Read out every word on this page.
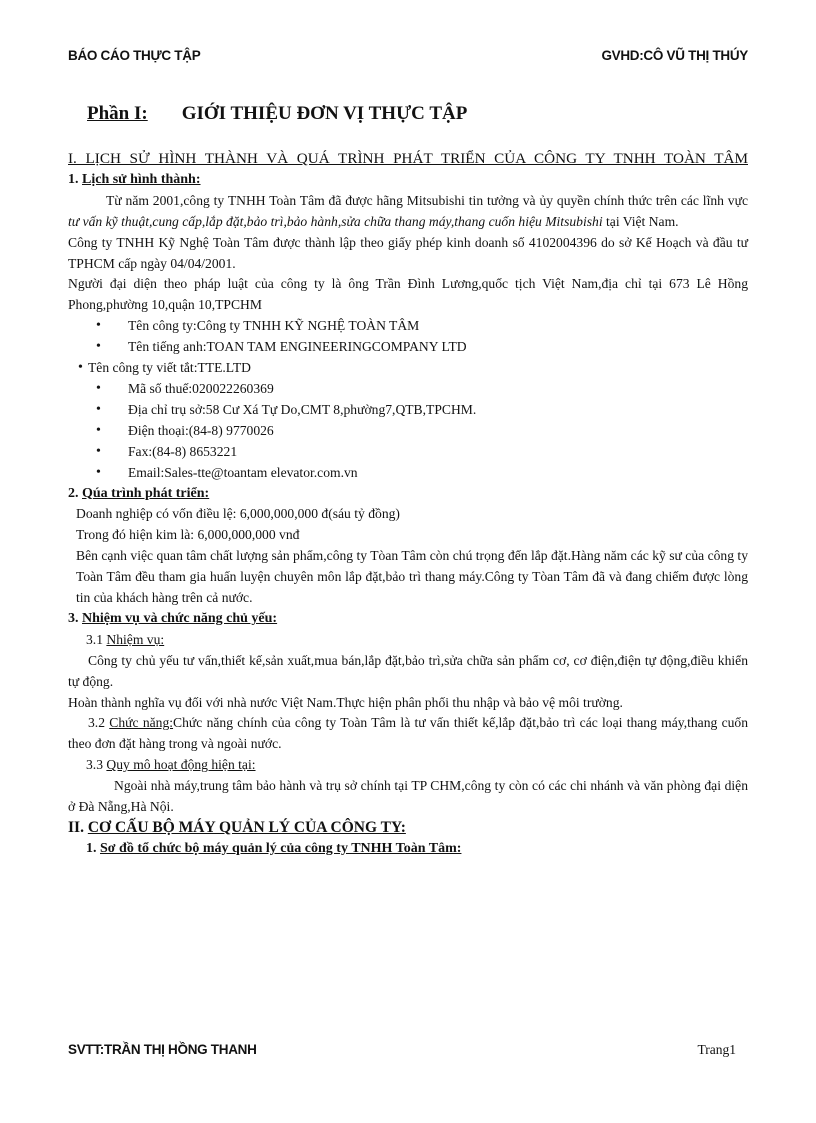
BÁO CÁO THỰC TẬP	GVHD:CÔ VŨ THỊ THÚY
Phần I: GIỚI THIỆU ĐƠN VỊ THỰC TẬP
I. LỊCH SỬ HÌNH THÀNH VÀ QUÁ TRÌNH PHÁT TRIỂN CỦA CÔNG TY TNHH TOÀN TÂM
1. Lịch sử hình thành:

Từ năm 2001,công ty TNHH Toàn Tâm đã được hãng Mitsubishi tin tưởng và ủy quyền chính thức trên các lĩnh vực tư vấn kỹ thuật,cung cấp,lắp đặt,bảo trì,bảo hành,sửa chữa thang máy,thang cuốn hiệu Mitsubishi tại Việt Nam.

Công ty TNHH Kỹ Nghệ Toàn Tâm được thành lập theo giấy phép kinh doanh số 4102004396 do sở Kế Hoạch và đầu tư TPHCM cấp ngày 04/04/2001.

Người đại diện theo pháp luật của công ty là ông Trần Đình Lương,quốc tịch Việt Nam,địa chỉ tại 673 Lê Hồng Phong,phường 10,quận 10,TPCHM

• Tên công ty:Công ty TNHH KỸ NGHỆ TOÀN TÂM
• Tên tiếng anh:TOAN TAM ENGINEERINGCOMPANY LTD
• Tên công ty viết tắt:TTE.LTD
• Mã số thuế:020022260369
• Địa chỉ trụ sở:58 Cư Xá Tự Do,CMT 8,phường7,QTB,TPCHM.
• Điện thoại:(84-8) 9770026
• Fax:(84-8) 8653221
• Email:Sales-tte@toantam elevator.com.vn
2. Qúa trình phát triển:

Doanh nghiệp có vốn điều lệ: 6,000,000,000 đ(sáu tỷ đồng)

Trong đó hiện kim là: 6,000,000,000 vnđ

Bên cạnh việc quan tâm chất lượng sản phẩm,công ty Tòan Tâm còn chú trọng đến lắp đặt.Hàng năm các kỹ sư của công ty Toàn Tâm đều tham gia huấn luyện chuyên môn lắp đặt,bảo trì thang máy.Công ty Tòan Tâm đã và đang chiếm được lòng tin của khách hàng trên cả nước.

3. Nhiệm vụ và chức năng chủ yếu:

3.1 Nhiệm vụ:

Công ty chủ yếu tư vấn,thiết kế,sản xuất,mua bán,lắp đặt,bảo trì,sửa chữa sản phẩm cơ, cơ điện,điện tự động,điều khiển tự động.

Hoàn thành nghĩa vụ đối với nhà nước Việt Nam.Thực hiện phân phối thu nhập và bảo vệ môi trường.

3.2 Chức năng:Chức năng chính của công ty Toàn Tâm là tư vấn thiết kế,lắp đặt,bảo trì các loại thang máy,thang cuốn theo đơn đặt hàng trong và ngoài nước.

3.3 Quy mô hoạt động hiện tại:

Ngoài nhà máy,trung tâm bảo hành và trụ sở chính tại TP CHM,công ty còn có các chi nhánh và văn phòng đại diện ở Đà Nẵng,Hà Nội.

II. CƠ CẤU BỘ MÁY QUẢN LÝ CỦA CÔNG TY:
1. Sơ đồ tổ chức bộ máy quản lý của công ty TNHH Toàn Tâm:
SVTT:TRẦN THỊ HỒNG THANH	Trang1
